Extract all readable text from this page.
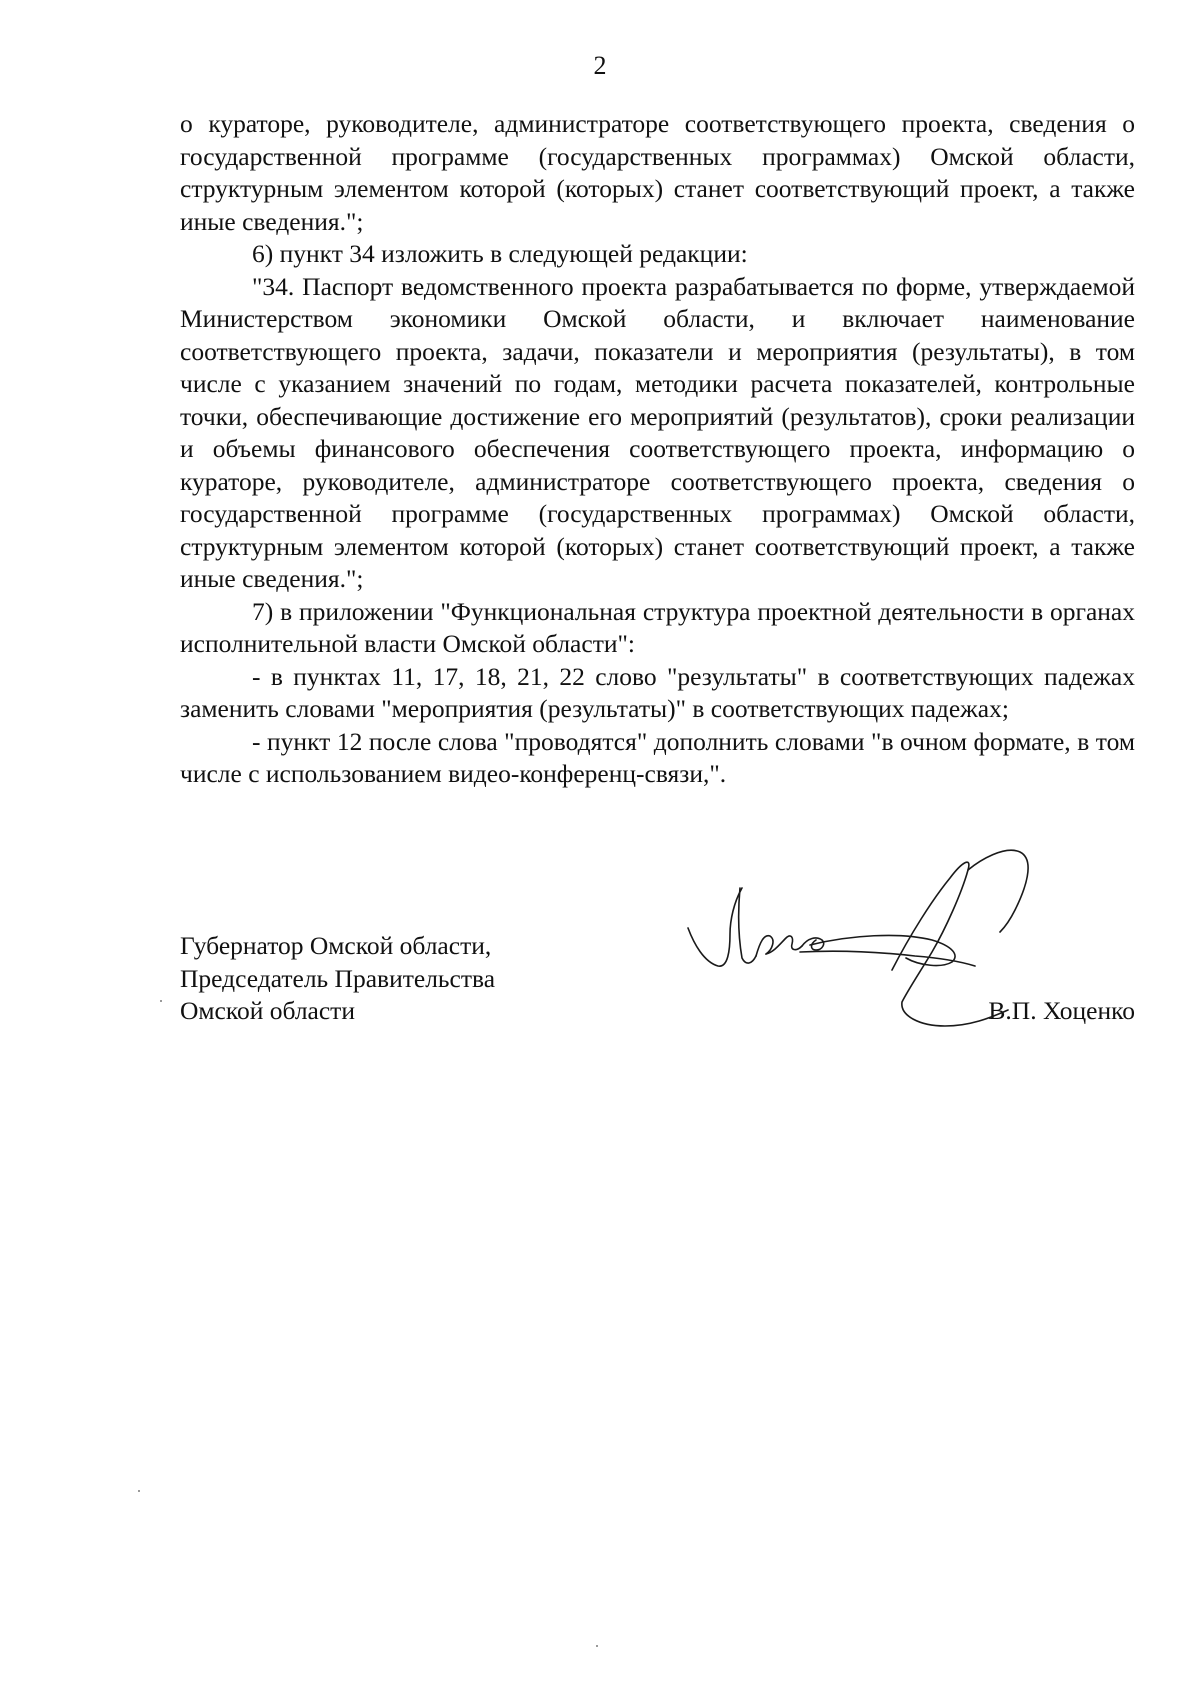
2

о кураторе, руководителе, администраторе соответствующего проекта, сведения о государственной программе (государственных программах) Омской области, структурным элементом которой (которых) станет соответствующий проект, а также иные сведения.";

6) пункт 34 изложить в следующей редакции:

"34. Паспорт ведомственного проекта разрабатывается по форме, утверждаемой Министерством экономики Омской области, и включает наименование соответствующего проекта, задачи, показатели и мероприятия (результаты), в том числе с указанием значений по годам, методики расчета показателей, контрольные точки, обеспечивающие достижение его мероприятий (результатов), сроки реализации и объемы финансового обеспечения соответствующего проекта, информацию о кураторе, руководителе, администраторе соответствующего проекта, сведения о государственной программе (государственных программах) Омской области, структурным элементом которой (которых) станет соответствующий проект, а также иные сведения.";

7) в приложении "Функциональная структура проектной деятельности в органах исполнительной власти Омской области":

- в пунктах 11, 17, 18, 21, 22 слово "результаты" в соответствующих падежах заменить словами "мероприятия (результаты)" в соответствующих падежах;

- пункт 12 после слова "проводятся" дополнить словами "в очном формате, в том числе с использованием видео-конференц-связи,".

Губернатор Омской области,
Председатель Правительства
Омской области	В.П. Хоценко
